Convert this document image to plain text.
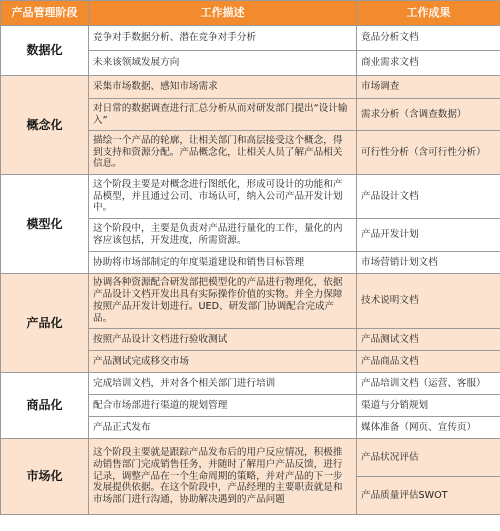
产品管理阶段	工作描述	工作成果
数据化	竞争对手数据分析、潜在竞争对手分析	竟品分析文档
	未来该领域发展方向	商业需求文档
概念化	采集市场数据、感知市场需求	市场调查
	对日常的数据调查进行汇总分析从而对研发部门提出“设计输入”	需求分析（含调查数据）
	描绘一个产品的轮廓，让相关部门和高层接受这个概念，得到支持和资源分配。产品概念化，让相关人员了解产品相关信息。	可行性分析（含可行性分析）
模型化	这个阶段主要是对概念进行图纸化，形成可设计的功能和产品模型，并且通过公司、市场认可，纳入公司产品开发计划中。	产品设计文档
	这个阶段中，主要是负责对产品进行量化的工作，量化的内容应该包括，开发进度，所需资源。	产品开发计划
	协助将市场部制定的年度渠道建设和销售目标管理	市场营销计划文档
产品化	协调各种资源配合研发部把模型化的产品进行物理化，依据产品设计文档开发出具有实际操作价值的实物。并全力保障按照产品开发计划进行。UED、研发部门协调配合完成产品。	技术说明文档
	按照产品设计文档进行验收测试	产品测试文档
	产品测试完成移交市场	产品商品文档
商品化	完成培训文档，并对各个相关部门进行培训	产品培训文档（运营、客服）
	配合市场部进行渠道的规划管理	渠道与分销规划
	产品正式发布	媒体准备（网页、宣传页）
市场化	这个阶段主要就是跟踪产品发布后的用户反应情况，积极推动销售部门完成销售任务，并随时了解用户产品反馈，进行记录，调整产品在一个生命周期的策略，并对产品的下一步发展提供依据。在这个阶段中，产品经理的主要职责就是和市场部门进行沟通，协助解决遇到的产品问题	产品状况评估
		产品质量评估SWOT
